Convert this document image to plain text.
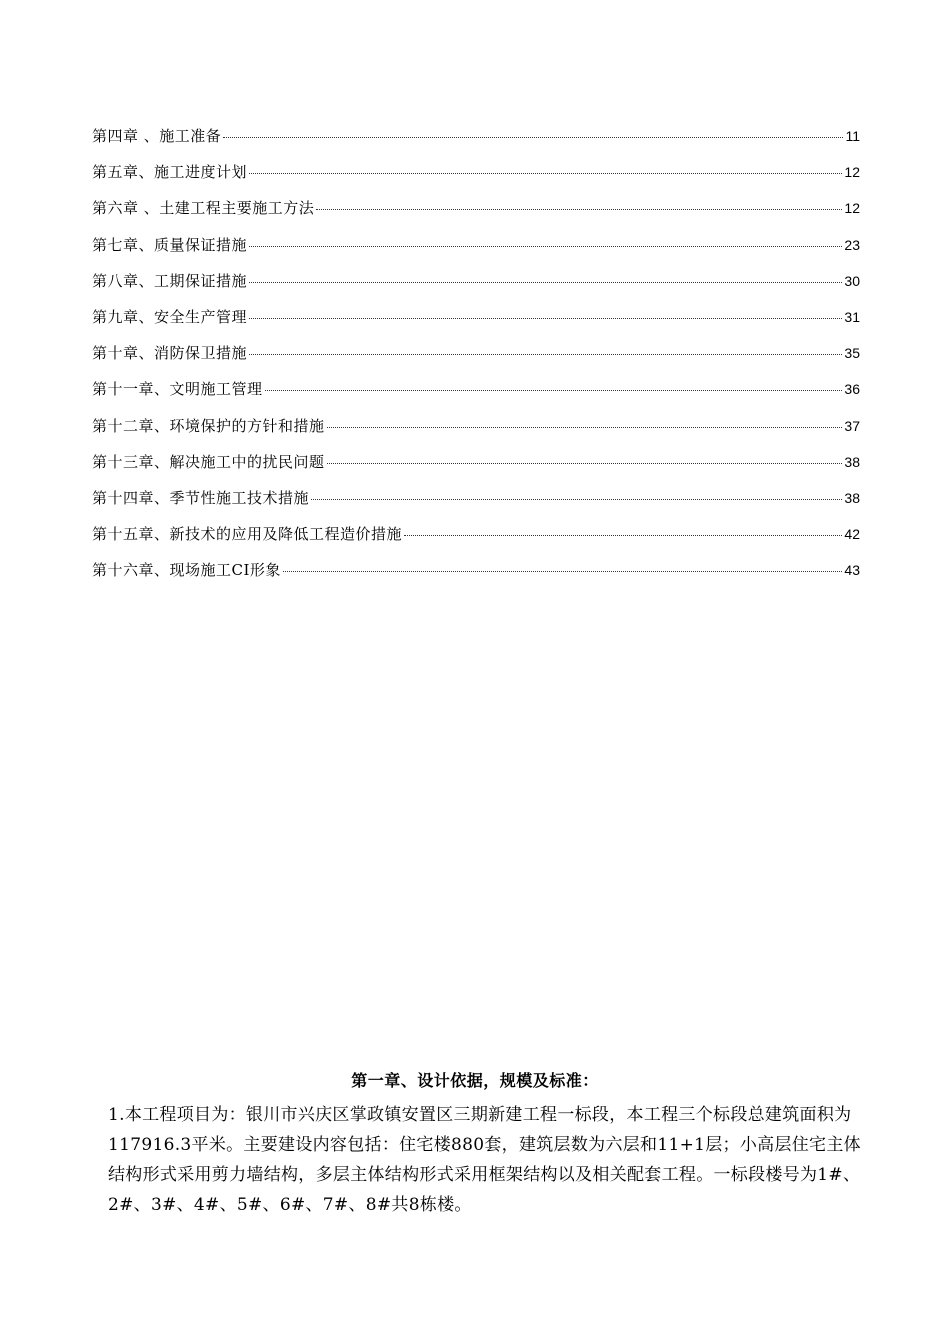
第四章 、施工准备	11
第五章、施工进度计划	12
第六章 、土建工程主要施工方法	12
第七章、质量保证措施	23
第八章、工期保证措施	30
第九章、安全生产管理	31
第十章、消防保卫措施	35
第十一章、文明施工管理	36
第十二章、环境保护的方针和措施	37
第十三章、解决施工中的扰民问题	38
第十四章、季节性施工技术措施	38
第十五章、新技术的应用及降低工程造价措施	42
第十六章、现场施工CI形象	43
第一章、设计依据，规模及标准：
1.本工程项目为：银川市兴庆区掌政镇安置区三期新建工程一标段，本工程三个标段总建筑面积为117916.3平米。主要建设内容包括：住宅楼880套，建筑层数为六层和11+1层；小高层住宅主体结构形式采用剪力墙结构，多层主体结构形式采用框架结构以及相关配套工程。一标段楼号为1#、2#、3#、4#、5#、6#、7#、8#共8栋楼。
